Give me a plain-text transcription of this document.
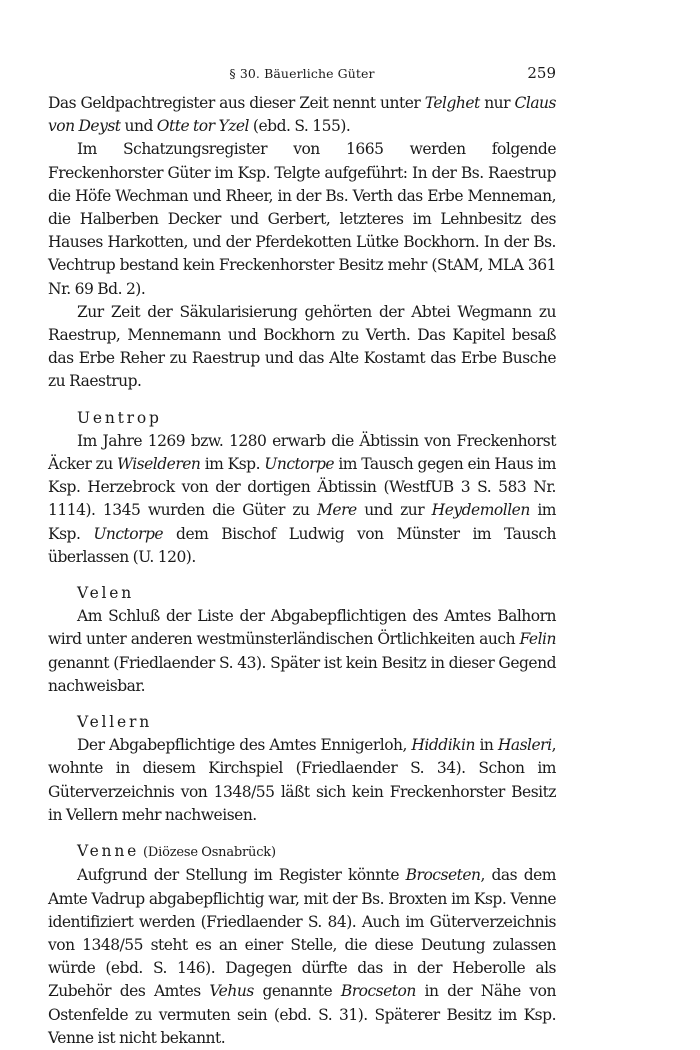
§ 30. Bäuerliche Güter	259

Das Geldpachtregister aus dieser Zeit nennt unter Telghet nur Claus von Deyst und Otte tor Yzel (ebd. S. 155).

Im Schatzungsregister von 1665 werden folgende Freckenhorster Güter im Ksp. Telgte aufgeführt: In der Bs. Raestrup die Höfe Wechman und Rheer, in der Bs. Verth das Erbe Menneman, die Halberben Decker und Gerbert, letzteres im Lehnbesitz des Hauses Harkotten, und der Pferdekotten Lütke Bockhorn. In der Bs. Vechtrup bestand kein Freckenhorster Besitz mehr (StAM, MLA 361 Nr. 69 Bd. 2).

Zur Zeit der Säkularisierung gehörten der Abtei Wegmann zu Raestrup, Mennemann und Bockhorn zu Verth. Das Kapitel besaß das Erbe Reher zu Raestrup und das Alte Kostamt das Erbe Busche zu Raestrup.

Uentrop

Im Jahre 1269 bzw. 1280 erwarb die Äbtissin von Freckenhorst Äcker zu Wiselderen im Ksp. Unctorpe im Tausch gegen ein Haus im Ksp. Herzebrock von der dortigen Äbtissin (WestfUB 3 S. 583 Nr. 1114). 1345 wurden die Güter zu Mere und zur Heydemollen im Ksp. Unctorpe dem Bischof Ludwig von Münster im Tausch überlassen (U. 120).

Velen

Am Schluß der Liste der Abgabepflichtigen des Amtes Balhorn wird unter anderen westmünsterländischen Örtlichkeiten auch Felin genannt (Friedlaender S. 43). Später ist kein Besitz in dieser Gegend nachweisbar.

Vellern

Der Abgabepflichtige des Amtes Ennigerloh, Hiddikin in Hasleri, wohnte in diesem Kirchspiel (Friedlaender S. 34). Schon im Güterverzeichnis von 1348/55 läßt sich kein Freckenhorster Besitz in Vellern mehr nachweisen.

Venne (Diözese Osnabrück)

Aufgrund der Stellung im Register könnte Brocseten, das dem Amte Vadrup abgabepflichtig war, mit der Bs. Broxten im Ksp. Venne identifiziert werden (Friedlaender S. 84). Auch im Güterverzeichnis von 1348/55 steht es an einer Stelle, die diese Deutung zulassen würde (ebd. S. 146). Dagegen dürfte das in der Heberolle als Zubehör des Amtes Vehus genannte Brocseton in der Nähe von Ostenfelde zu vermuten sein (ebd. S. 31). Späterer Besitz im Ksp. Venne ist nicht bekannt.
